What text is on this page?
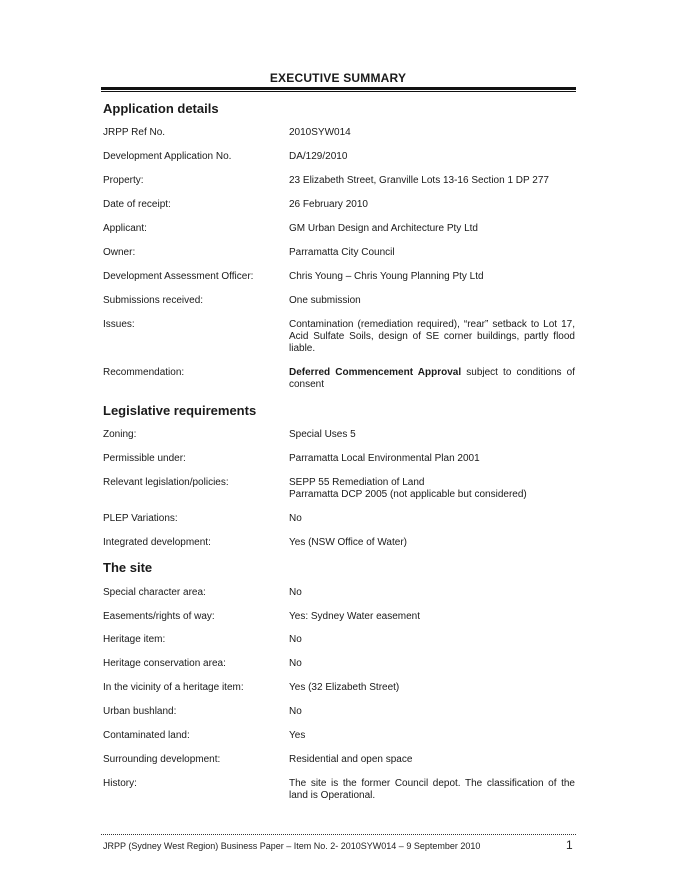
EXECUTIVE SUMMARY
Application details
JRPP Ref No.	2010SYW014
Development Application No.	DA/129/2010
Property:	23 Elizabeth Street, Granville Lots 13-16 Section 1 DP 277
Date of receipt:	26 February 2010
Applicant:	GM Urban Design and Architecture Pty Ltd
Owner:	Parramatta City Council
Development Assessment Officer:	Chris Young – Chris Young Planning Pty Ltd
Submissions received:	One submission
Issues:	Contamination (remediation required), “rear” setback to Lot 17, Acid Sulfate Soils, design of SE corner buildings, partly flood liable.
Recommendation:	Deferred Commencement Approval subject to conditions of consent
Legislative requirements
Zoning:	Special Uses 5
Permissible under:	Parramatta Local Environmental Plan 2001
Relevant legislation/policies:	SEPP 55 Remediation of Land
Parramatta DCP 2005 (not applicable but considered)
PLEP Variations:	No
Integrated development:	Yes (NSW Office of Water)
The site
Special character area:	No
Easements/rights of way:	Yes: Sydney Water easement
Heritage item:	No
Heritage conservation area:	No
In the vicinity of a heritage item:	Yes (32 Elizabeth Street)
Urban bushland:	No
Contaminated land:	Yes
Surrounding development:	Residential and open space
History:	The site is the former Council depot. The classification of the land is Operational.
JRPP (Sydney West Region) Business Paper – Item No. 2- 2010SYW014 – 9 September 2010	1
